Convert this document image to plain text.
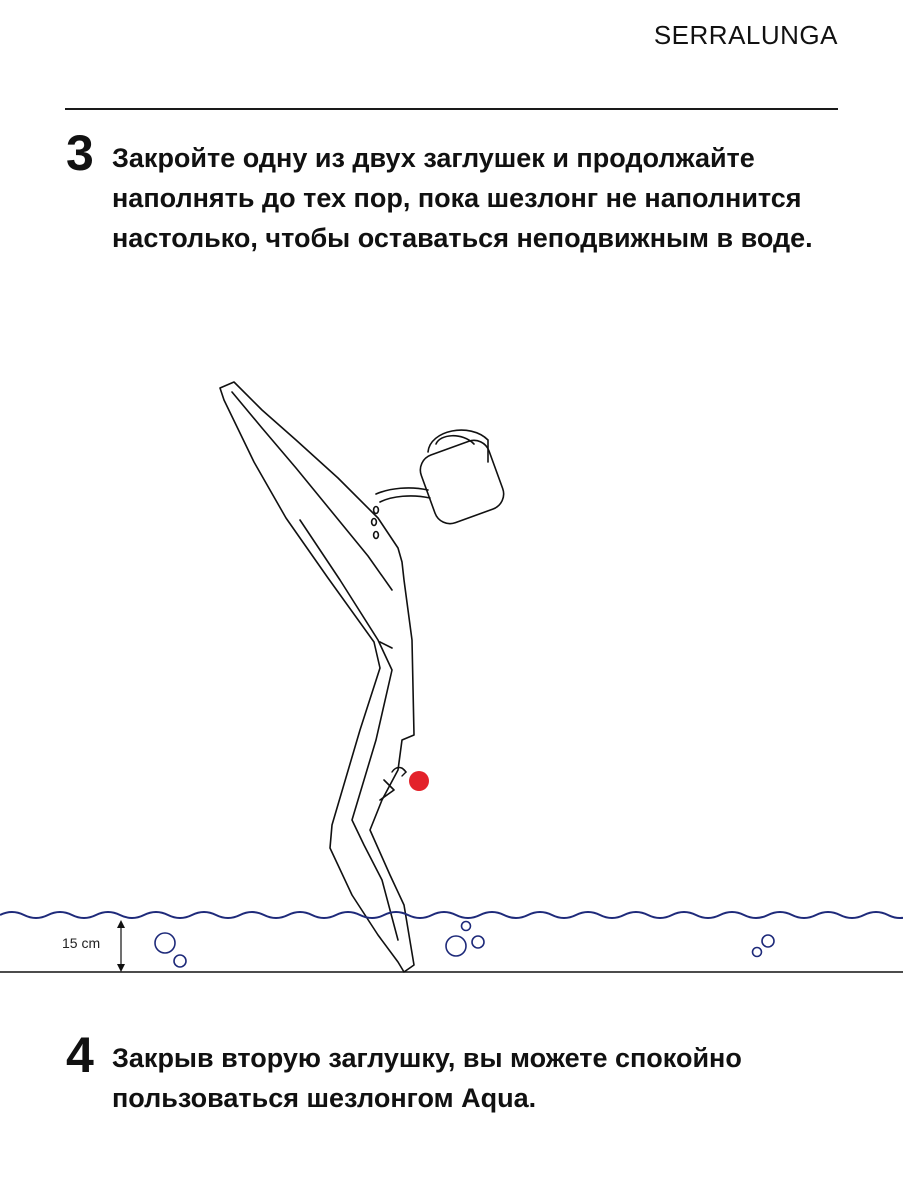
SERRALUNGA
3 Закройте одну из двух заглушек и продолжайте
наполнять до тех пор, пока шезлонг не наполнится
настолько, чтобы оставаться неподвижным в воде.
15 cm
4 Закрыв вторую заглушку, вы можете спокойно
пользоваться шезлонгом Aqua.
